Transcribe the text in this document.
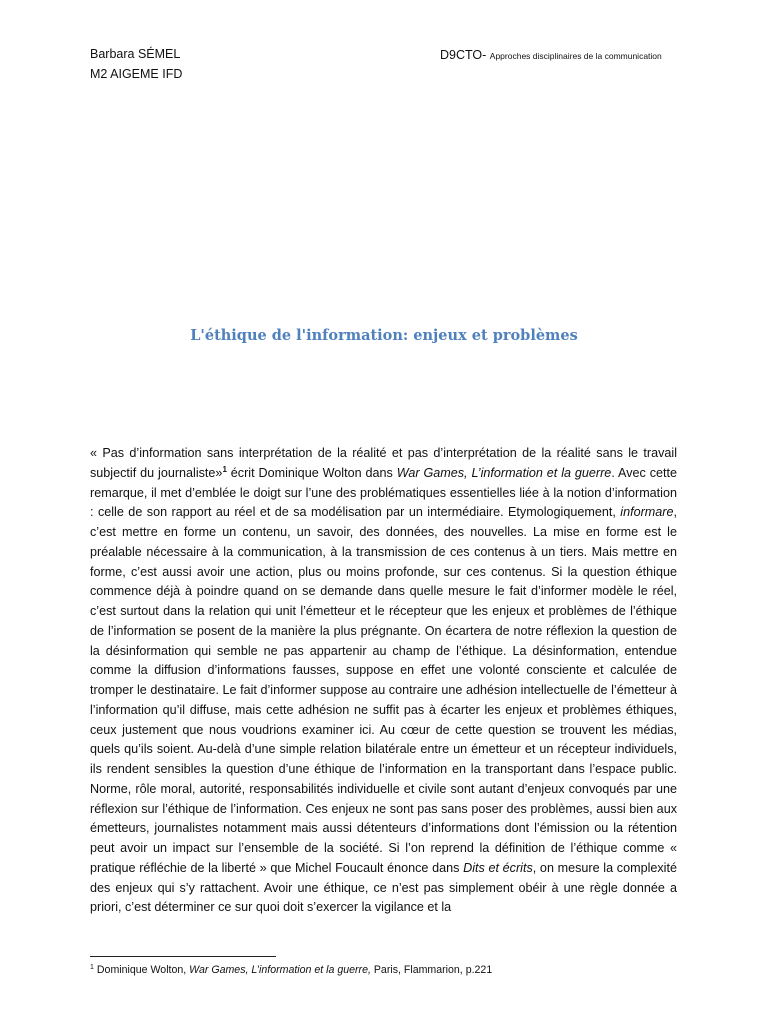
Barbara SÉMEL
M2 AIGEME IFD
D9CTO- Approches disciplinaires de la communication
L'éthique de l'information: enjeux et problèmes
« Pas d’information sans interprétation de la réalité et pas d’interprétation de la réalité sans le travail subjectif du journaliste»$^1$ écrit Dominique Wolton dans War Games, L’information et la guerre. Avec cette remarque, il met d’emblée le doigt sur l’une des problématiques essentielles liée à la notion d’information : celle de son rapport au réel et de sa modélisation par un intermédiaire. Etymologiquement, informare, c’est mettre en forme un contenu, un savoir, des données, des nouvelles. La mise en forme est le préalable nécessaire à la communication, à la transmission de ces contenus à un tiers. Mais mettre en forme, c’est aussi avoir une action, plus ou moins profonde, sur ces contenus. Si la question éthique commence déjà à poindre quand on se demande dans quelle mesure le fait d’informer modèle le réel, c’est surtout dans la relation qui unit l’émetteur et le récepteur que les enjeux et problèmes de l’éthique de l’information se posent de la manière la plus prégnante. On écartera de notre réflexion la question de la désinformation qui semble ne pas appartenir au champ de l’éthique. La désinformation, entendue comme la diffusion d’informations fausses, suppose en effet une volonté consciente et calculée de tromper le destinataire. Le fait d’informer suppose au contraire une adhésion intellectuelle de l’émetteur à l’information qu’il diffuse, mais cette adhésion ne suffit pas à écarter les enjeux et problèmes éthiques, ceux justement que nous voudrions examiner ici. Au cœur de cette question se trouvent les médias, quels qu’ils soient. Au-delà d’une simple relation bilatérale entre un émetteur et un récepteur individuels, ils rendent sensibles la question d’une éthique de l’information en la transportant dans l’espace public. Norme, rôle moral, autorité, responsabilités individuelle et civile sont autant d’enjeux convoqués par une réflexion sur l’éthique de l’information. Ces enjeux ne sont pas sans poser des problèmes, aussi bien aux émetteurs, journalistes notamment mais aussi détenteurs d’informations dont l’émission ou la rétention peut avoir un impact sur l’ensemble de la société. Si l’on reprend la définition de l’éthique comme « pratique réfléchie de la liberté » que Michel Foucault énonce dans Dits et écrits, on mesure la complexité des enjeux qui s’y rattachent. Avoir une éthique, ce n’est pas simplement obéir à une règle donnée a priori, c’est déterminer ce sur quoi doit s’exercer la vigilance et la
$^1$ Dominique Wolton, War Games, L’information et la guerre, Paris, Flammarion, p.221
